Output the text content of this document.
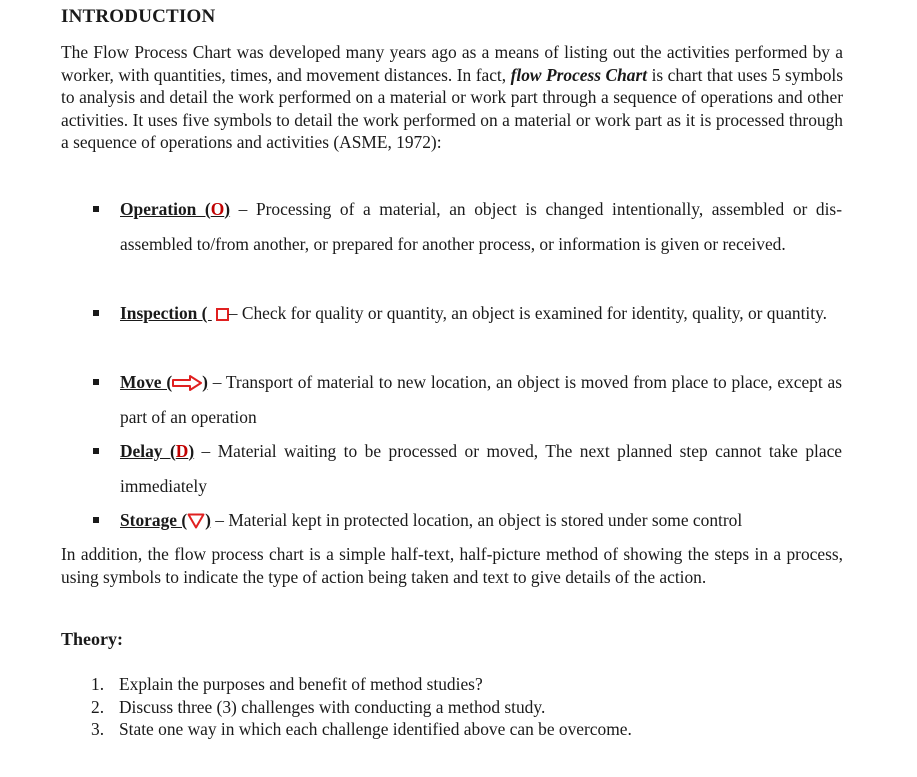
INTRODUCTION

The Flow Process Chart was developed many years ago as a means of listing out the activities performed by a worker, with quantities, times, and movement distances. In fact, flow Process Chart is chart that uses 5 symbols to analysis and detail the work performed on a material or work part through a sequence of operations and other activities. It uses five symbols to detail the work performed on a material or work part as it is processed through a sequence of operations and activities (ASME, 1972):

Operation (O) – Processing of a material, an object is changed intentionally, assembled or dis-assembled to/from another, or prepared for another process, or information is given or received.
Inspection ( – Check for quality or quantity, an object is examined for identity, quality, or quantity.
Move ( ) – Transport of material to new location, an object is moved from place to place, except as part of an operation
Delay (D) – Material waiting to be processed or moved, The next planned step cannot take place immediately
Storage ( ) – Material kept in protected location, an object is stored under some control

In addition, the flow process chart is a simple half-text, half-picture method of showing the steps in a process, using symbols to indicate the type of action being taken and text to give details of the action.

Theory:
1. Explain the purposes and benefit of method studies?
2. Discuss three (3) challenges with conducting a method study.
3. State one way in which each challenge identified above can be overcome.
